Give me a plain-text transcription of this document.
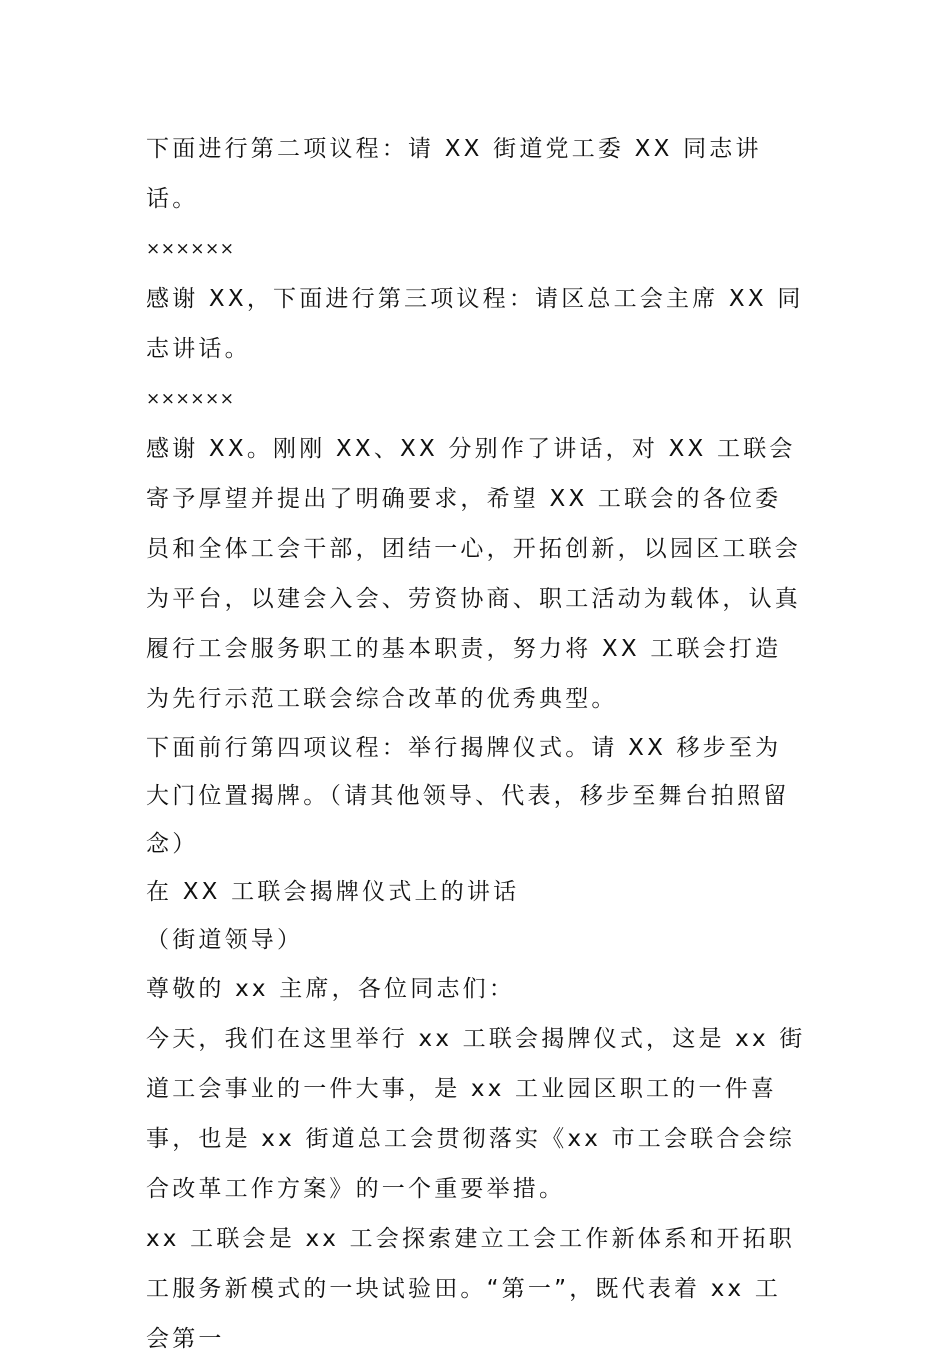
下面进行第二项议程：请 XX 街道党工委 XX 同志讲话。

××××××

感谢 XX，下面进行第三项议程：请区总工会主席 XX 同志讲话。

××××××

感谢 XX。刚刚 XX、XX 分别作了讲话，对 XX 工联会寄予厚望并提出了明确要求，希望 XX 工联会的各位委员和全体工会干部，团结一心，开拓创新，以园区工联会为平台，以建会入会、劳资协商、职工活动为载体，认真履行工会服务职工的基本职责，努力将 XX 工联会打造为先行示范工联会综合改革的优秀典型。

下面前行第四项议程：举行揭牌仪式。请 XX 移步至为大门位置揭牌。（请其他领导、代表，移步至舞台拍照留念）

在 XX 工联会揭牌仪式上的讲话

（街道领导）

尊敬的 xx 主席，各位同志们：

今天，我们在这里举行 xx 工联会揭牌仪式，这是 xx 街道工会事业的一件大事，是 xx 工业园区职工的一件喜事，也是 xx 街道总工会贯彻落实《xx 市工会联合会综合改革工作方案》的一个重要举措。

xx 工联会是 xx 工会探索建立工会工作新体系和开拓职工服务新模式的一块试验田。“第一”，既代表着 xx 工会第一
